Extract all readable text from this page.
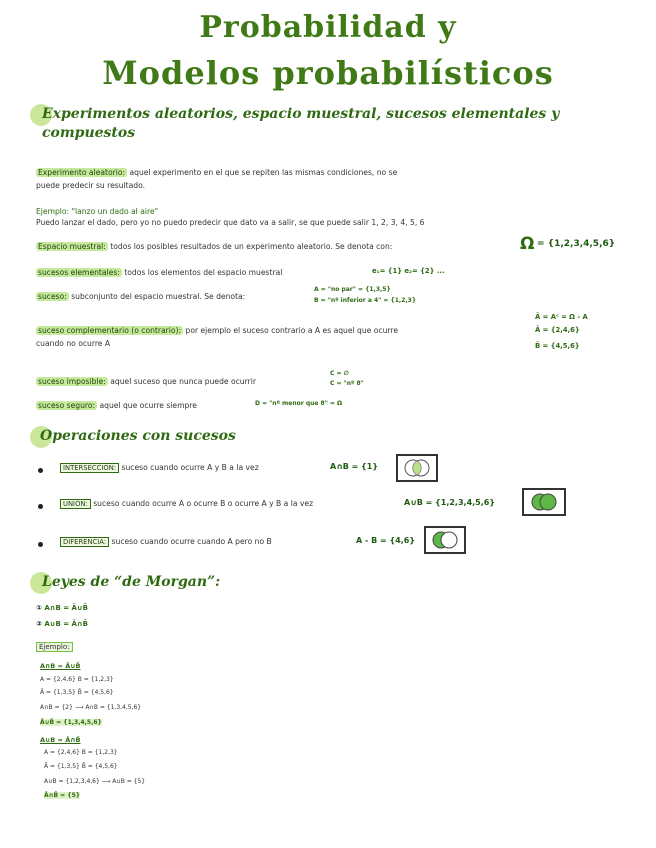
Probabilidad y
Modelos probabilísticos
Experimentos aleatorios, espacio muestral, sucesos elementales y
compuestos
Experimento aleatorio: aquel experimento en el que se repiten las mismas condiciones, no se
puede predecir su resultado.
Ejemplo: "lanzo un dado al aire"
Puedo lanzar el dado, pero yo no puedo predecir que dato va a salir, se que puede salir 1, 2, 3, 4, 5, 6
Espacio muestral: todos los posibles resultados de un experimento aleatorio. Se denota con:	Ω = {1,2,3,4,5,6}
sucesos elementales: todos los elementos del espacio muestral	e₁= {1} e₂= {2} ...
suceso: subconjunto del espacio muestral. Se denota:
A = "no par" = {1,3,5}
B = "nº inferior a 4" = {1,2,3}
suceso complementario (o contrario): por ejemplo el suceso contrario a A es aquel que ocurre
cuando no ocurre A
Ā = Aᶜ = Ω - A
Ā = {2,4,6}
B̄ = {4,5,6}
suceso imposible: aquel suceso que nunca puede ocurrir
C = ∅
C = "nº 8"
suceso seguro: aquel que ocurre siempre	D = "nº menor que 8" = Ω
Operaciones con sucesos
INTERSECCIÓN: suceso cuando ocurre A y B a la vez	A∩B = {1}
UNIÓN: suceso cuando ocurre A o ocurre B o ocurre A y B a la vez	A∪B = {1,2,3,4,5,6}
DIFERENCIA: suceso cuando ocurre cuando A pero no B	A - B = {4,6}
Leyes de “de Morgan”:
① A∩B = Ā∪B̄
② A∪B = Ā∩B̄
Ejemplo:
A∩B = Ā∪B̄
A = {2,4,6} B = {1,2,3}
Ā = {1,3,5} B̄ = {4,5,6}
A∩B = {2} ⟶ A∩B = {1,3,4,5,6}
Ā∪B̄ = {1,3,4,5,6}
A∪B = Ā∩B̄
A = {2,4,6} B = {1,2,3}
Ā = {1,3,5} B̄ = {4,5,6}
A∪B = {1,2,3,4,6} ⟶ A∪B = {5}
Ā∩B̄ = {5}
